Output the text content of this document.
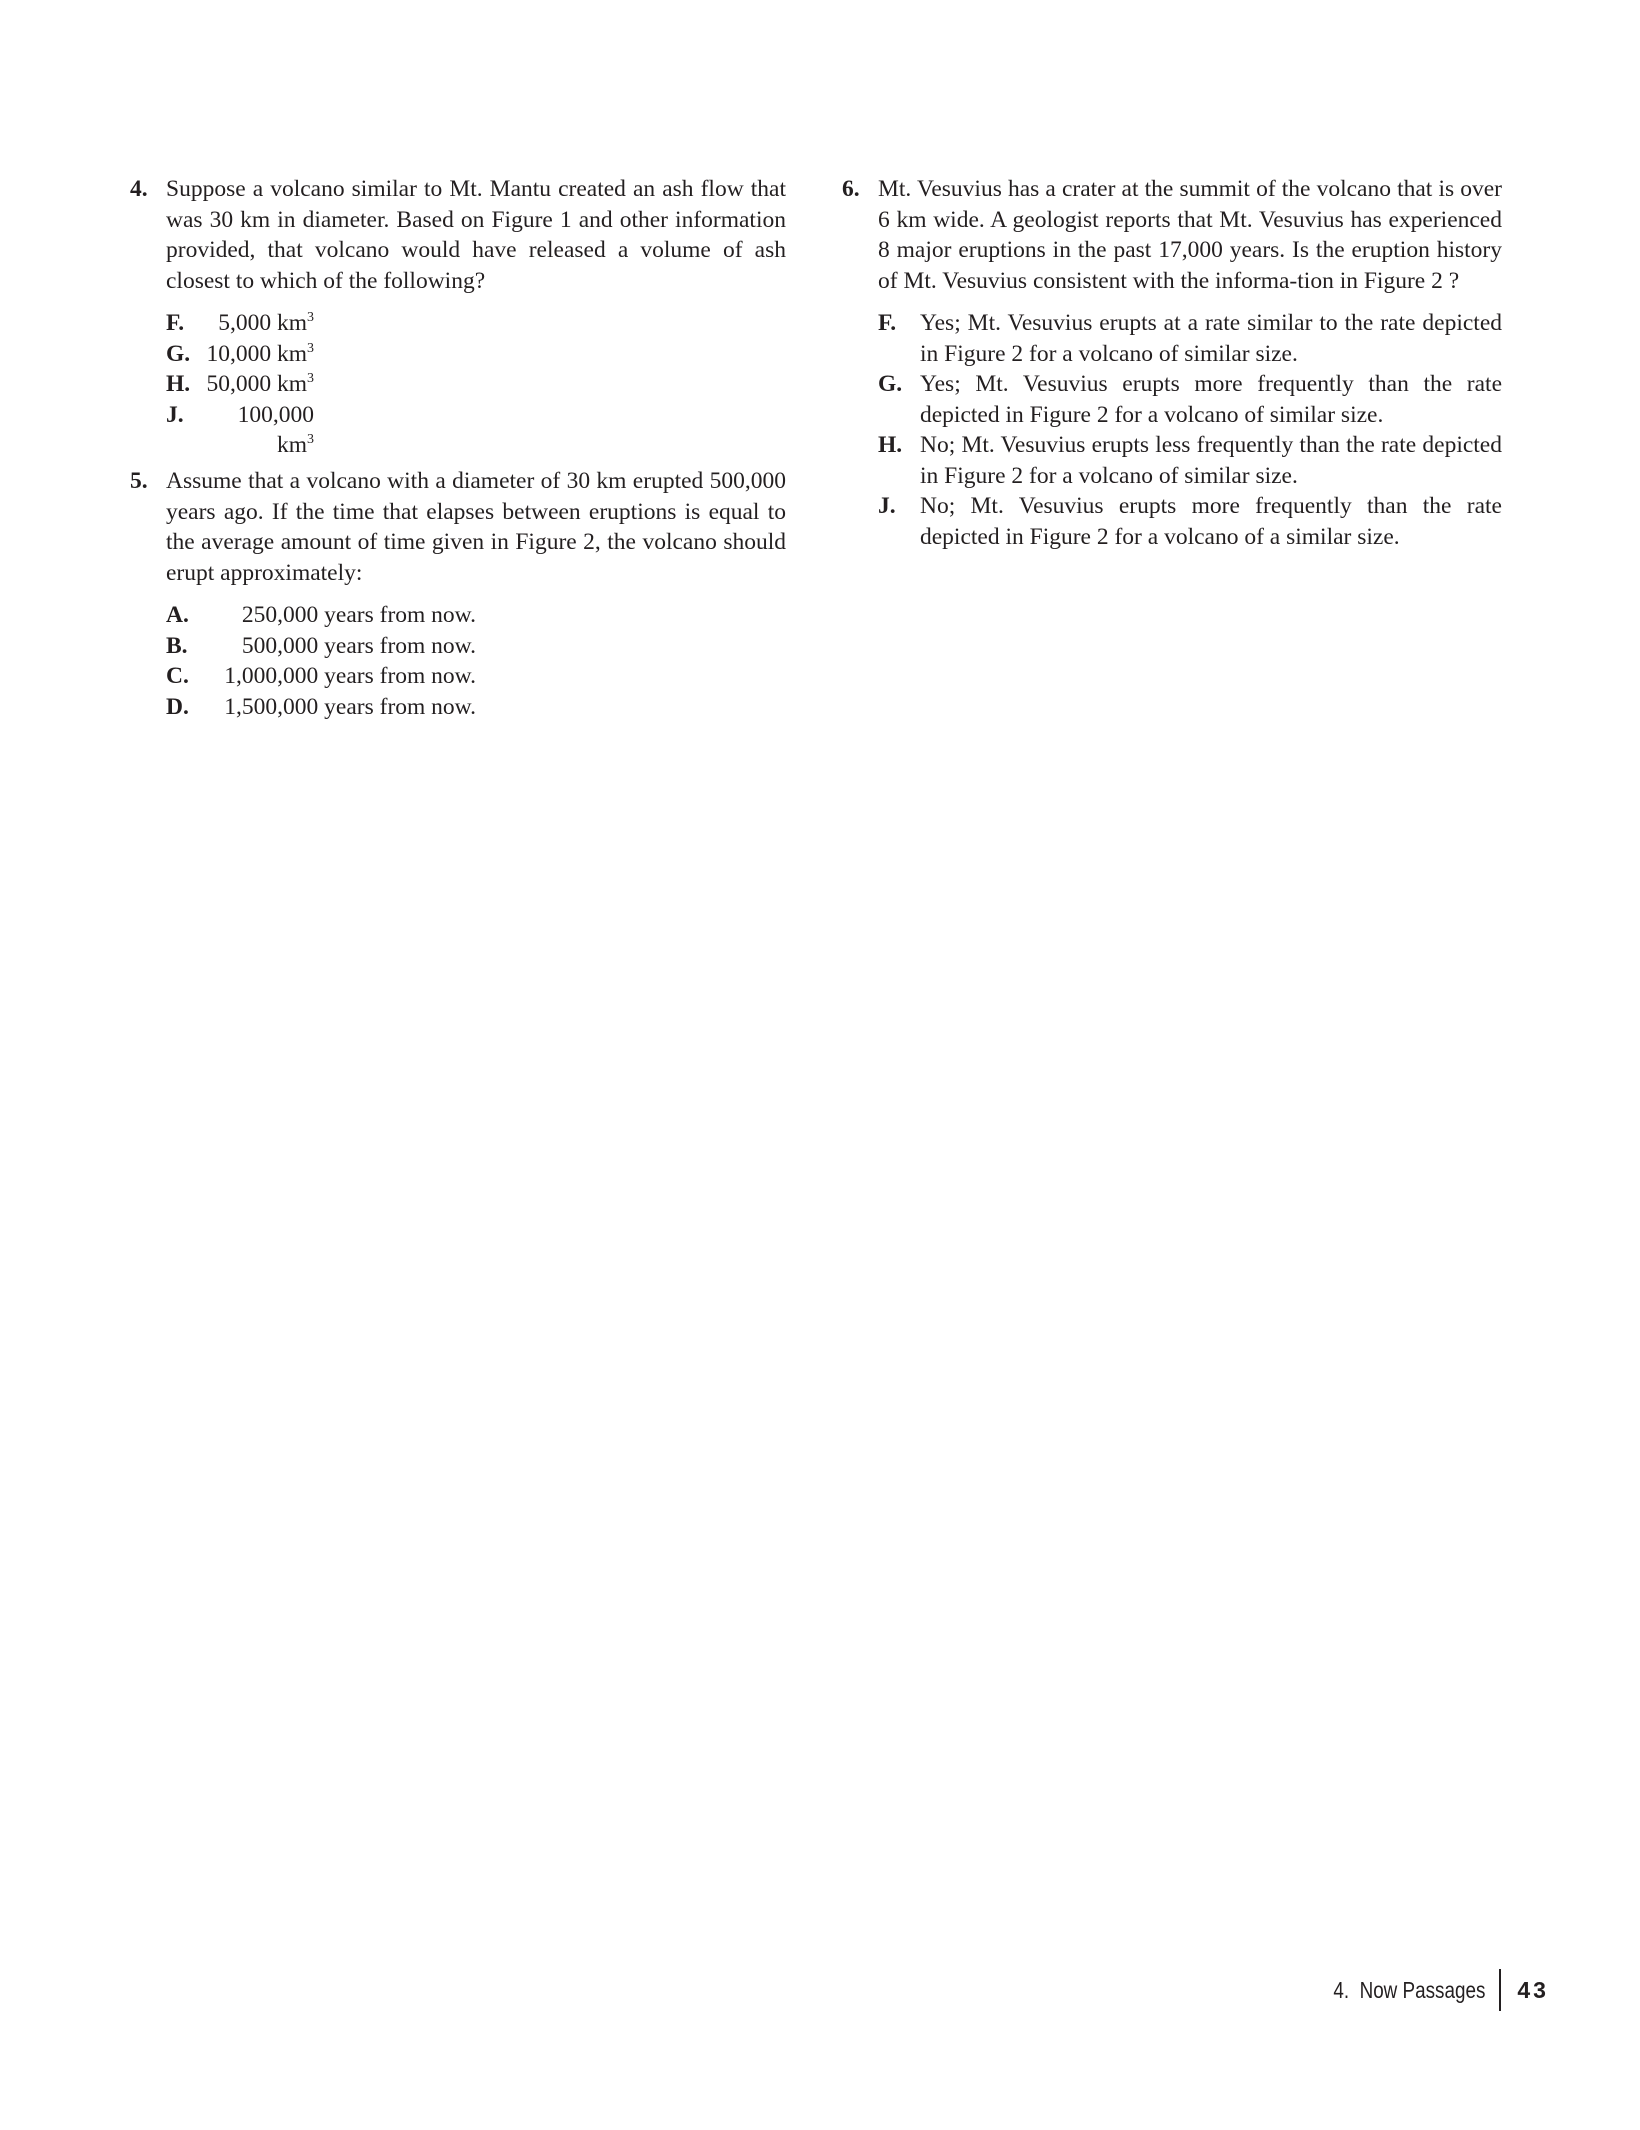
4. Suppose a volcano similar to Mt. Mantu created an ash flow that was 30 km in diameter. Based on Figure 1 and other information provided, that volcano would have released a volume of ash closest to which of the following?
F.	5,000 $km^3$
G. 10,000 $km^3$
H. 50,000 $km^3$
J.	100,000 $km^3$
5. Assume that a volcano with a diameter of 30 km erupted 500,000 years ago. If the time that elapses between eruptions is equal to the average amount of time given in Figure 2, the volcano should erupt approximately:
A.	250,000 years from now.
B.	500,000 years from now.
C.	1,000,000 years from now.
D.	1,500,000 years from now.
6. Mt. Vesuvius has a crater at the summit of the volcano that is over 6 km wide. A geologist reports that Mt. Vesuvius has experienced 8 major eruptions in the past 17,000 years. Is the eruption history of Mt. Vesuvius consistent with the informa-tion in Figure 2 ?
F.	Yes; Mt. Vesuvius erupts at a rate similar to the rate depicted in Figure 2 for a volcano of similar size.
G. Yes; Mt. Vesuvius erupts more frequently than the rate depicted in Figure 2 for a volcano of similar size.
H. No; Mt. Vesuvius erupts less frequently than the rate depicted in Figure 2 for a volcano of similar size.
J.	No; Mt. Vesuvius erupts more frequently than the rate depicted in Figure 2 for a volcano of a similar size.
4.  Now Passages 43
